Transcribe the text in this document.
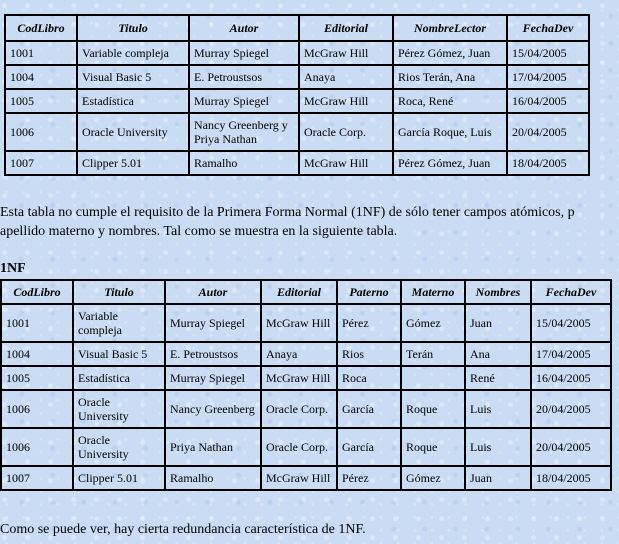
CodLibro	Titulo	Autor	Editorial	NombreLector	FechaDev
1001	Variable compleja	Murray Spiegel	McGraw Hill	Pérez Gómez, Juan	15/04/2005
1004	Visual Basic 5	E. Petroustsos	Anaya	Rios Terán, Ana	17/04/2005
1005	Estadística	Murray Spiegel	McGraw Hill	Roca, René	16/04/2005
1006	Oracle University	Nancy Greenberg y Priya Nathan	Oracle Corp.	García Roque, Luis	20/04/2005
1007	Clipper 5.01	Ramalho	McGraw Hill	Pérez Gómez, Juan	18/04/2005
Esta tabla no cumple el requisito de la Primera Forma Normal (1NF) de sólo tener campos atómicos, p
apellido materno y nombres. Tal como se muestra en la siguiente tabla.
1NF
CodLibro	Titulo	Autor	Editorial	Paterno	Materno	Nombres	FechaDev
1001	Variable compleja	Murray Spiegel	McGraw Hill	Pérez	Gómez	Juan	15/04/2005
1004	Visual Basic 5	E. Petroustsos	Anaya	Rios	Terán	Ana	17/04/2005
1005	Estadística	Murray Spiegel	McGraw Hill	Roca		René	16/04/2005
1006	Oracle University	Nancy Greenberg	Oracle Corp.	García	Roque	Luis	20/04/2005
1006	Oracle University	Priya Nathan	Oracle Corp.	García	Roque	Luis	20/04/2005
1007	Clipper 5.01	Ramalho	McGraw Hill	Pérez	Gómez	Juan	18/04/2005
Como se puede ver, hay cierta redundancia característica de 1NF.
